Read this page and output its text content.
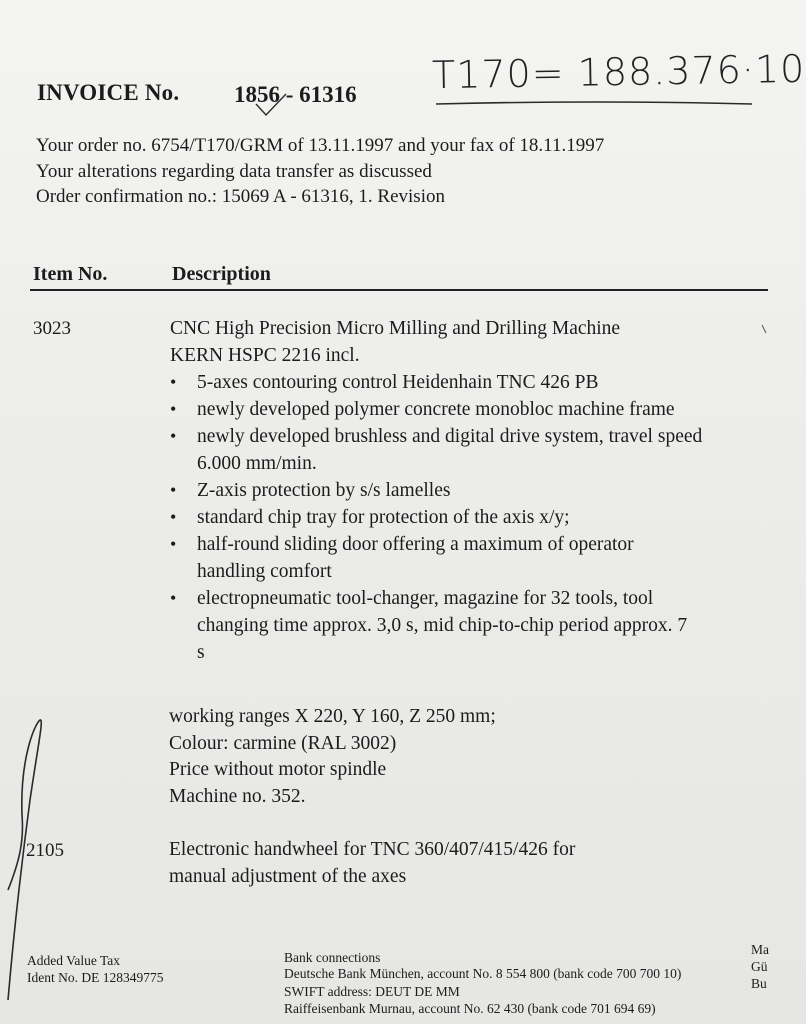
INVOICE No. 1856 - 61316 T170= 188.376·10
Your order no. 6754/T170/GRM of 13.11.1997 and your fax of 18.11.1997
Your alterations regarding data transfer as discussed
Order confirmation no.: 15069 A - 61316, 1. Revision
Item No.	Description
3023	CNC High Precision Micro Milling and Drilling Machine
KERN HSPC 2216 incl.
• 5-axes contouring control Heidenhain TNC 426 PB
• newly developed polymer concrete monobloc machine frame
• newly developed brushless and digital drive system, travel speed 6.000 mm/min.
• Z-axis protection by s/s lamelles
• standard chip tray for protection of the axis x/y;
• half-round sliding door offering a maximum of operator handling comfort
• electropneumatic tool-changer, magazine for 32 tools, tool changing time approx. 3,0 s, mid chip-to-chip period approx. 7 s
working ranges X 220, Y 160, Z 250 mm;
Colour: carmine (RAL 3002)
Price without motor spindle
Machine no. 352.
2105	Electronic handwheel for TNC 360/407/415/426 for
manual adjustment of the axes
Added Value Tax
Ident No. DE 128349775
Bank connections
Deutsche Bank München, account No. 8 554 800 (bank code 700 700 10)
SWIFT address: DEUT DE MM
Raiffeisenbank Murnau, account No. 62 430 (bank code 701 694 69)
Ma
Gü
Bu
